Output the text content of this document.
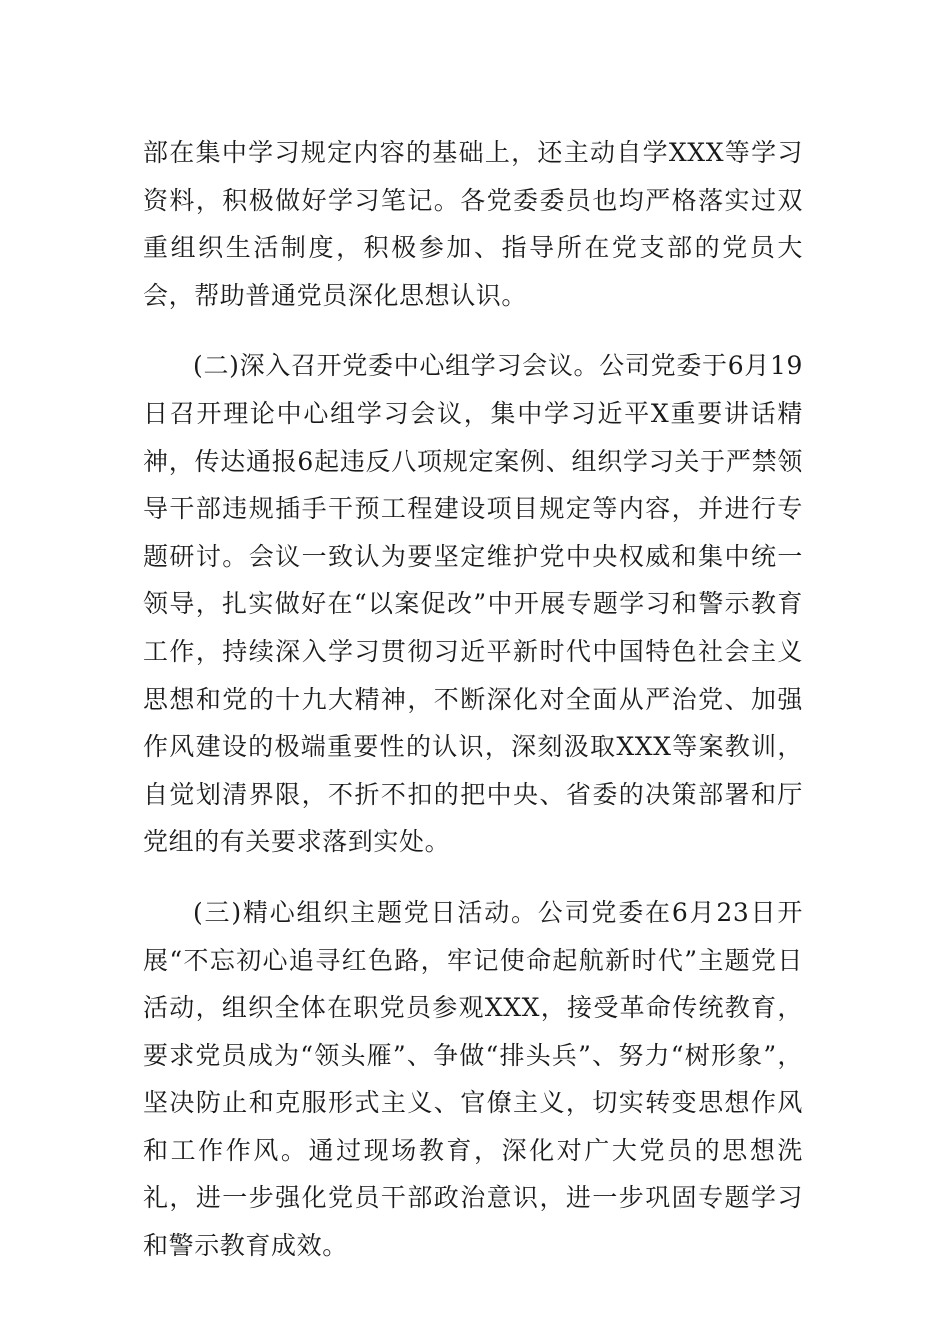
部在集中学习规定内容的基础上，还主动自学XXX等学习资料，积极做好学习笔记。各党委委员也均严格落实过双重组织生活制度，积极参加、指导所在党支部的党员大会，帮助普通党员深化思想认识。

(二)深入召开党委中心组学习会议。公司党委于6月19日召开理论中心组学习会议，集中学习近平X重要讲话精神，传达通报6起违反八项规定案例、组织学习关于严禁领导干部违规插手干预工程建设项目规定等内容，并进行专题研讨。会议一致认为要坚定维护党中央权威和集中统一领导，扎实做好在“以案促改”中开展专题学习和警示教育工作，持续深入学习贯彻习近平新时代中国特色社会主义思想和党的十九大精神，不断深化对全面从严治党、加强作风建设的极端重要性的认识，深刻汲取XXX等案教训，自觉划清界限，不折不扣的把中央、省委的决策部署和厅党组的有关要求落到实处。

(三)精心组织主题党日活动。公司党委在6月23日开展“不忘初心追寻红色路，牢记使命起航新时代”主题党日活动，组织全体在职党员参观XXX，接受革命传统教育，要求党员成为“领头雁”、争做“排头兵”、努力“树形象”，坚决防止和克服形式主义、官僚主义，切实转变思想作风和工作作风。通过现场教育，深化对广大党员的思想洗礼，进一步强化党员干部政治意识，进一步巩固专题学习和警示教育成效。
